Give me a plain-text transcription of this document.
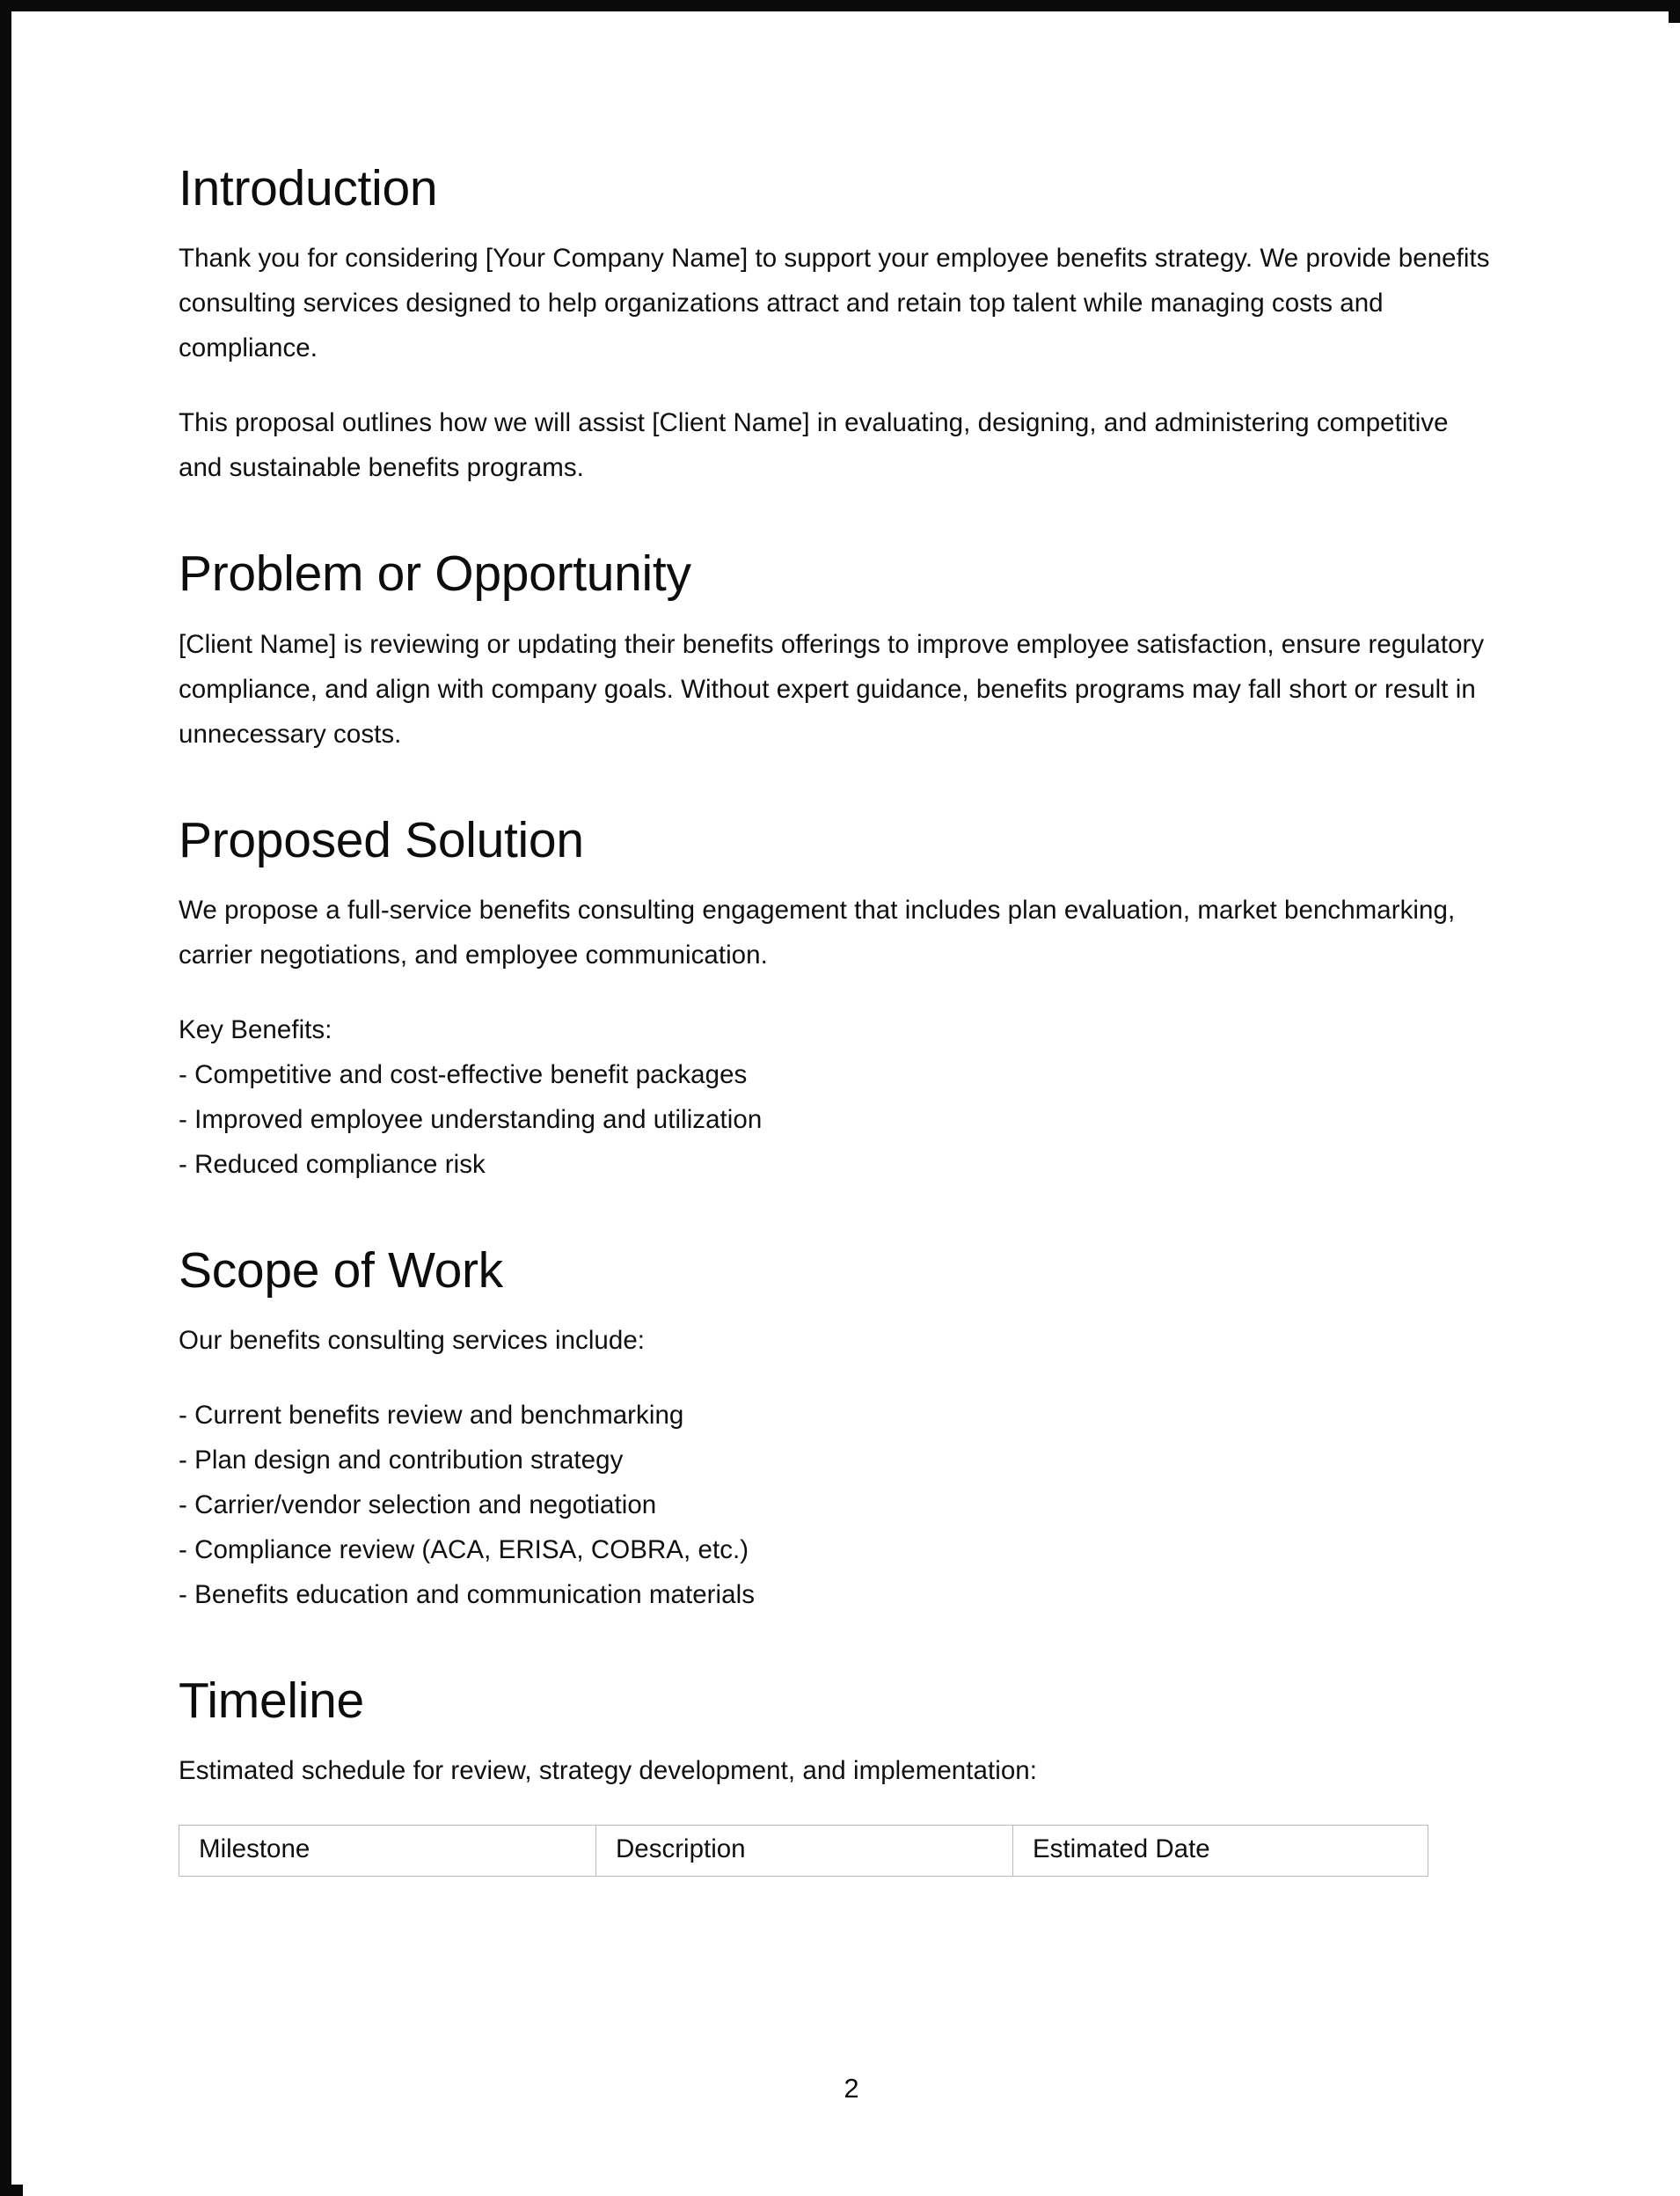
Introduction

Thank you for considering [Your Company Name] to support your employee benefits strategy. We provide benefits consulting services designed to help organizations attract and retain top talent while managing costs and compliance.

This proposal outlines how we will assist [Client Name] in evaluating, designing, and administering competitive and sustainable benefits programs.

Problem or Opportunity

[Client Name] is reviewing or updating their benefits offerings to improve employee satisfaction, ensure regulatory compliance, and align with company goals. Without expert guidance, benefits programs may fall short or result in unnecessary costs.

Proposed Solution

We propose a full-service benefits consulting engagement that includes plan evaluation, market benchmarking, carrier negotiations, and employee communication.

Key Benefits:
- Competitive and cost-effective benefit packages
- Improved employee understanding and utilization
- Reduced compliance risk
Scope of Work

Our benefits consulting services include:

- Current benefits review and benchmarking
- Plan design and contribution strategy
- Carrier/vendor selection and negotiation
- Compliance review (ACA, ERISA, COBRA, etc.)
- Benefits education and communication materials
Timeline

Estimated schedule for review, strategy development, and implementation:

Milestone	Description	Estimated Date
2
